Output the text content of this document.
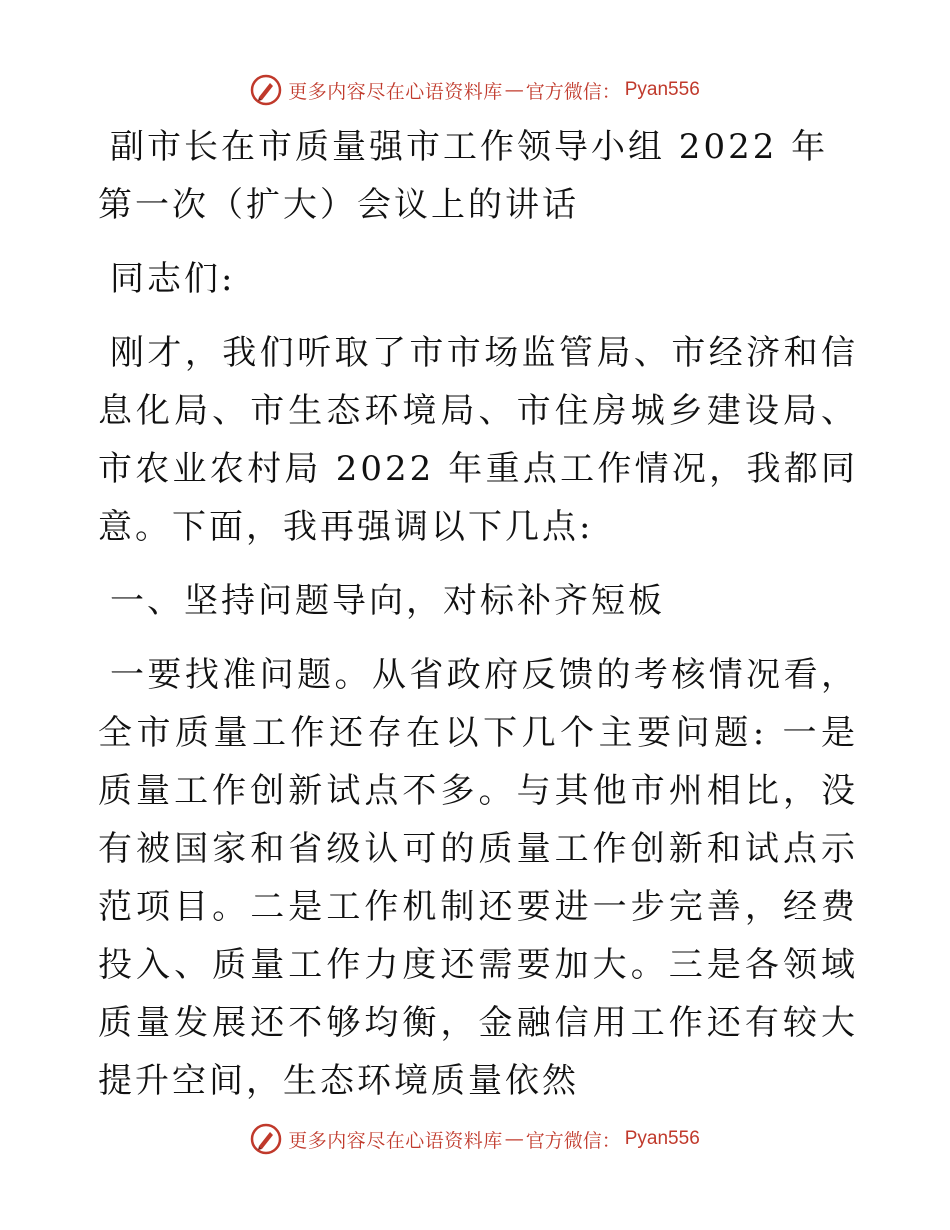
更多内容尽在心语资料库 — 官方微信： Pyan556

副市长在市质量强市工作领导小组 2022 年第一次（扩大）会议上的讲话

同志们:

刚才，我们听取了市市场监管局、市经济和信息化局、市生态环境局、市住房城乡建设局、市农业农村局 2022 年重点工作情况，我都同意。下面，我再强调以下几点:

一、坚持问题导向，对标补齐短板

一要找准问题。从省政府反馈的考核情况看，全市质量工作还存在以下几个主要问题: 一是质量工作创新试点不多。与其他市州相比，没有被国家和省级认可的质量工作创新和试点示范项目。二是工作机制还要进一步完善，经费投入、质量工作力度还需要加大。三是各领域质量发展还不够均衡，金融信用工作还有较大提升空间，生态环境质量依然

更多内容尽在心语资料库 — 官方微信： Pyan556
